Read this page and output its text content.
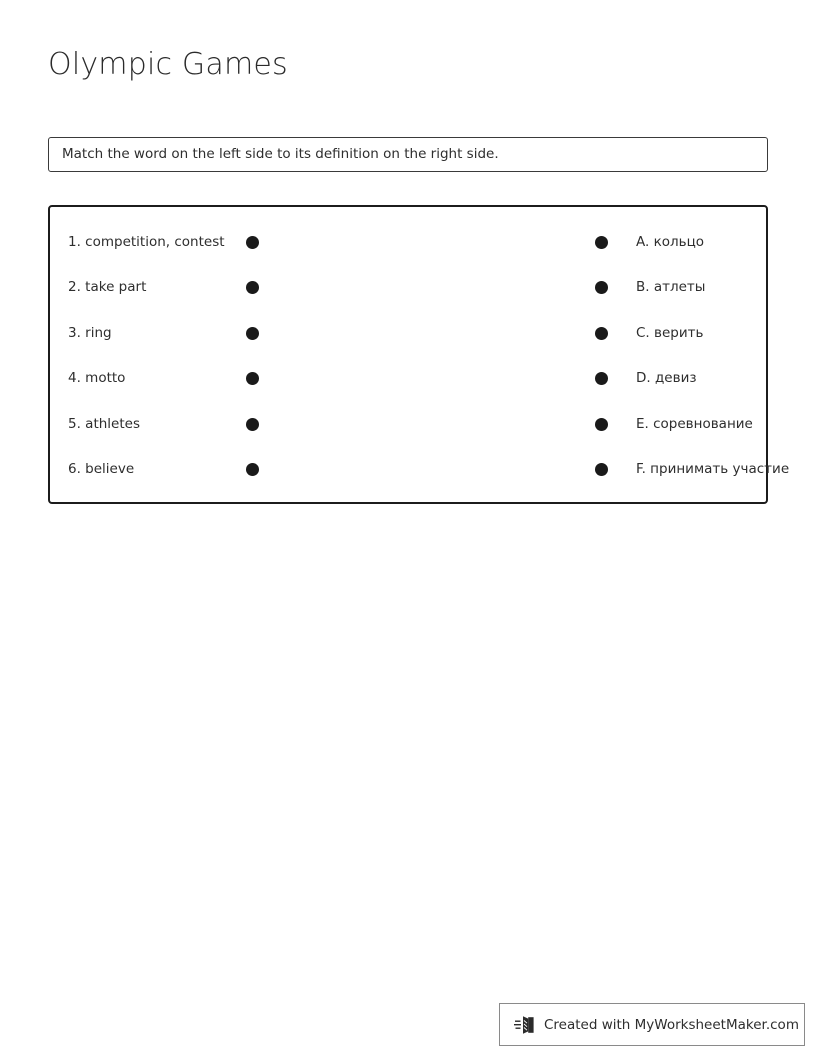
Olympic Games
Match the word on the left side to its definition on the right side.
1. competition, contest
2. take part
3. ring
4. motto
5. athletes
6. believe
A. кольцо
B. атлеты
C. верить
D. девиз
E. соревнование
F. принимать участие
Created with MyWorksheetMaker.com
